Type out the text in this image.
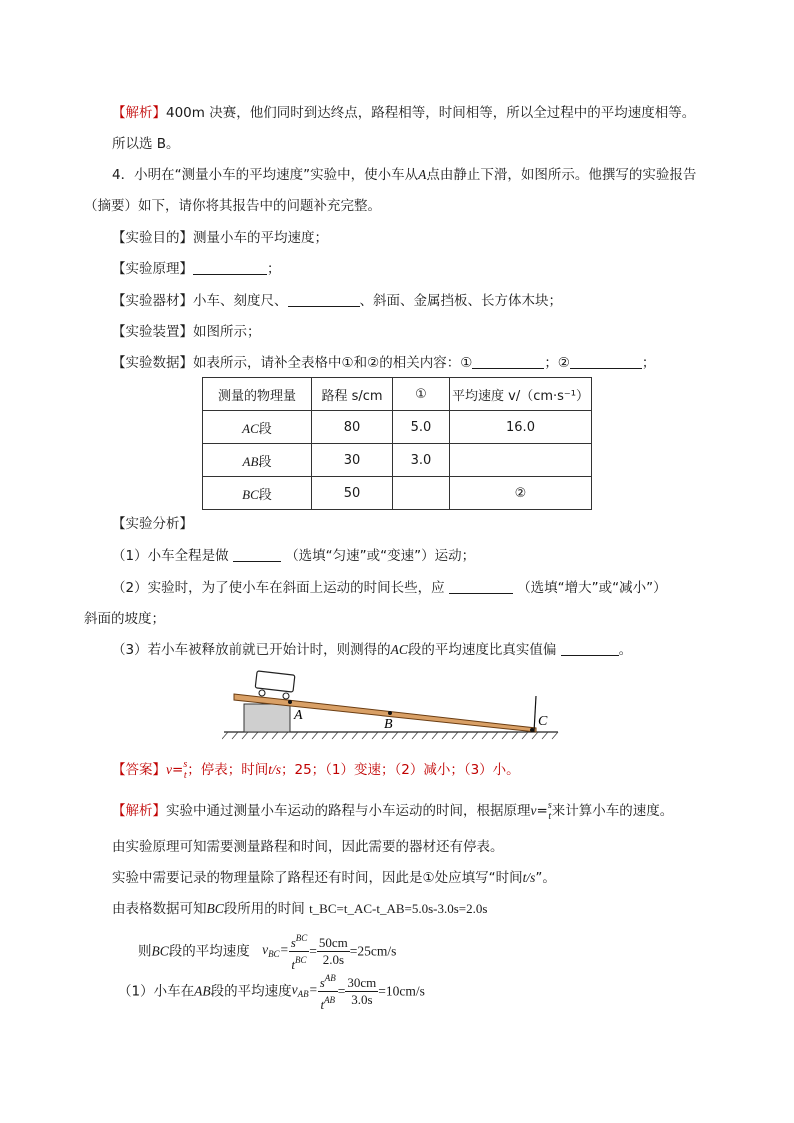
【解析】400m 决赛，他们同时到达终点，路程相等，时间相等，所以全过程中的平均速度相等。
所以选 B。
4．小明在“测量小车的平均速度”实验中，使小车从A点由静止下滑，如图所示。他撰写的实验报告
（摘要）如下，请你将其报告中的问题补充完整。
【实验目的】测量小车的平均速度；
【实验原理】	；
【实验器材】小车、刻度尺、	、斜面、金属挡板、长方体木块；
【实验装置】如图所示；
【实验数据】如表所示，请补全表格中①和②的相关内容：①	；②	；
测量的物理量	路程 s/cm	①	平均速度 v/（cm·s⁻¹）
AC段	80	5.0	16.0
AB段	30	3.0	
BC段	50		②
【实验分析】
（1）小车全程是做	（选填“匀速”或“变速”）运动；
（2）实验时，为了使小车在斜面上运动的时间长些，应	（选填“增大”或“减小”）
斜面的坡度；
（3）若小车被释放前就已开始计时，则测得的AC段的平均速度比真实值偏	。
A
B	C
【答案】v= s
t ；停表；时间t/s；25；（1）变速；（2）减小；（3）小。
【解析】实验中通过测量小车运动的路程与小车运动的时间，根据原理v= s
t 来计算小车的速度。
由实验原理可知需要测量路程和时间，因此需要的器材还有停表。
实验中需要记录的物理量除了路程还有时间，因此是①处应填写“时间t/s”。
由表格数据可知BC段所用的时间 t_BC=t_AC-t_AB=5.0s-3.0s=2.0s
则BC段的平均速度 $v_{BC}= \frac{s^{BC}}{t^{BC}} = \frac{50cm}{2.0s} =25cm/s$
（1）小车在AB段的平均速度$v_{AB}= \frac{s^{AB}}{t^{AB}} = \frac{30cm}{3.0s} =10cm/s$
